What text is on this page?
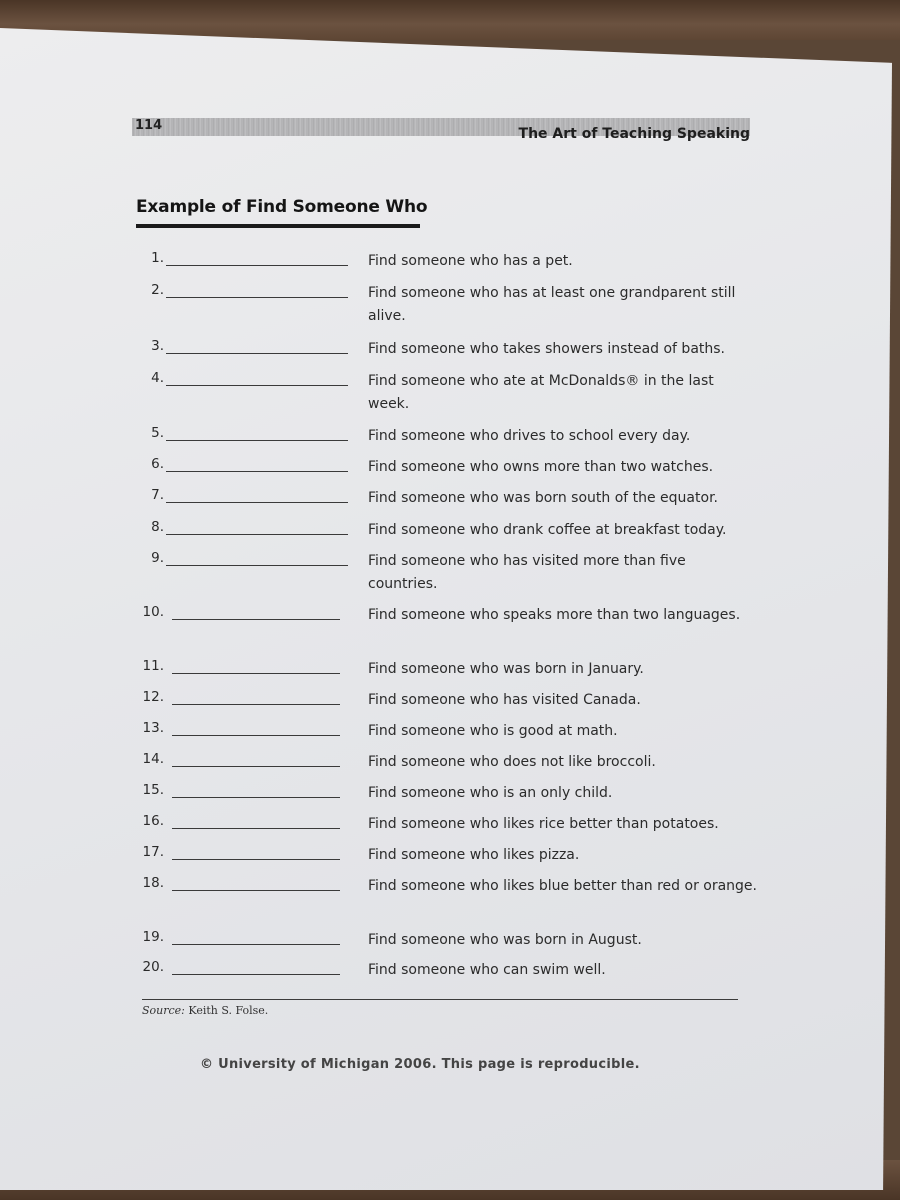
114
The Art of Teaching Speaking
Example of Find Someone Who
1.	Find someone who has a pet.
2.	Find someone who has at least one grandparent still alive.
3.	Find someone who takes showers instead of baths.
4.	Find someone who ate at McDonalds® in the last week.
5.	Find someone who drives to school every day.
6.	Find someone who owns more than two watches.
7.	Find someone who was born south of the equator.
8.	Find someone who drank coffee at breakfast today.
9.	Find someone who has visited more than five countries.
10.	Find someone who speaks more than two languages.
11.	Find someone who was born in January.
12.	Find someone who has visited Canada.
13.	Find someone who is good at math.
14.	Find someone who does not like broccoli.
15.	Find someone who is an only child.
16.	Find someone who likes rice better than potatoes.
17.	Find someone who likes pizza.
18.	Find someone who likes blue better than red or orange.
19.	Find someone who was born in August.
20.	Find someone who can swim well.
Source: Keith S. Folse.
© University of Michigan 2006. This page is reproducible.
